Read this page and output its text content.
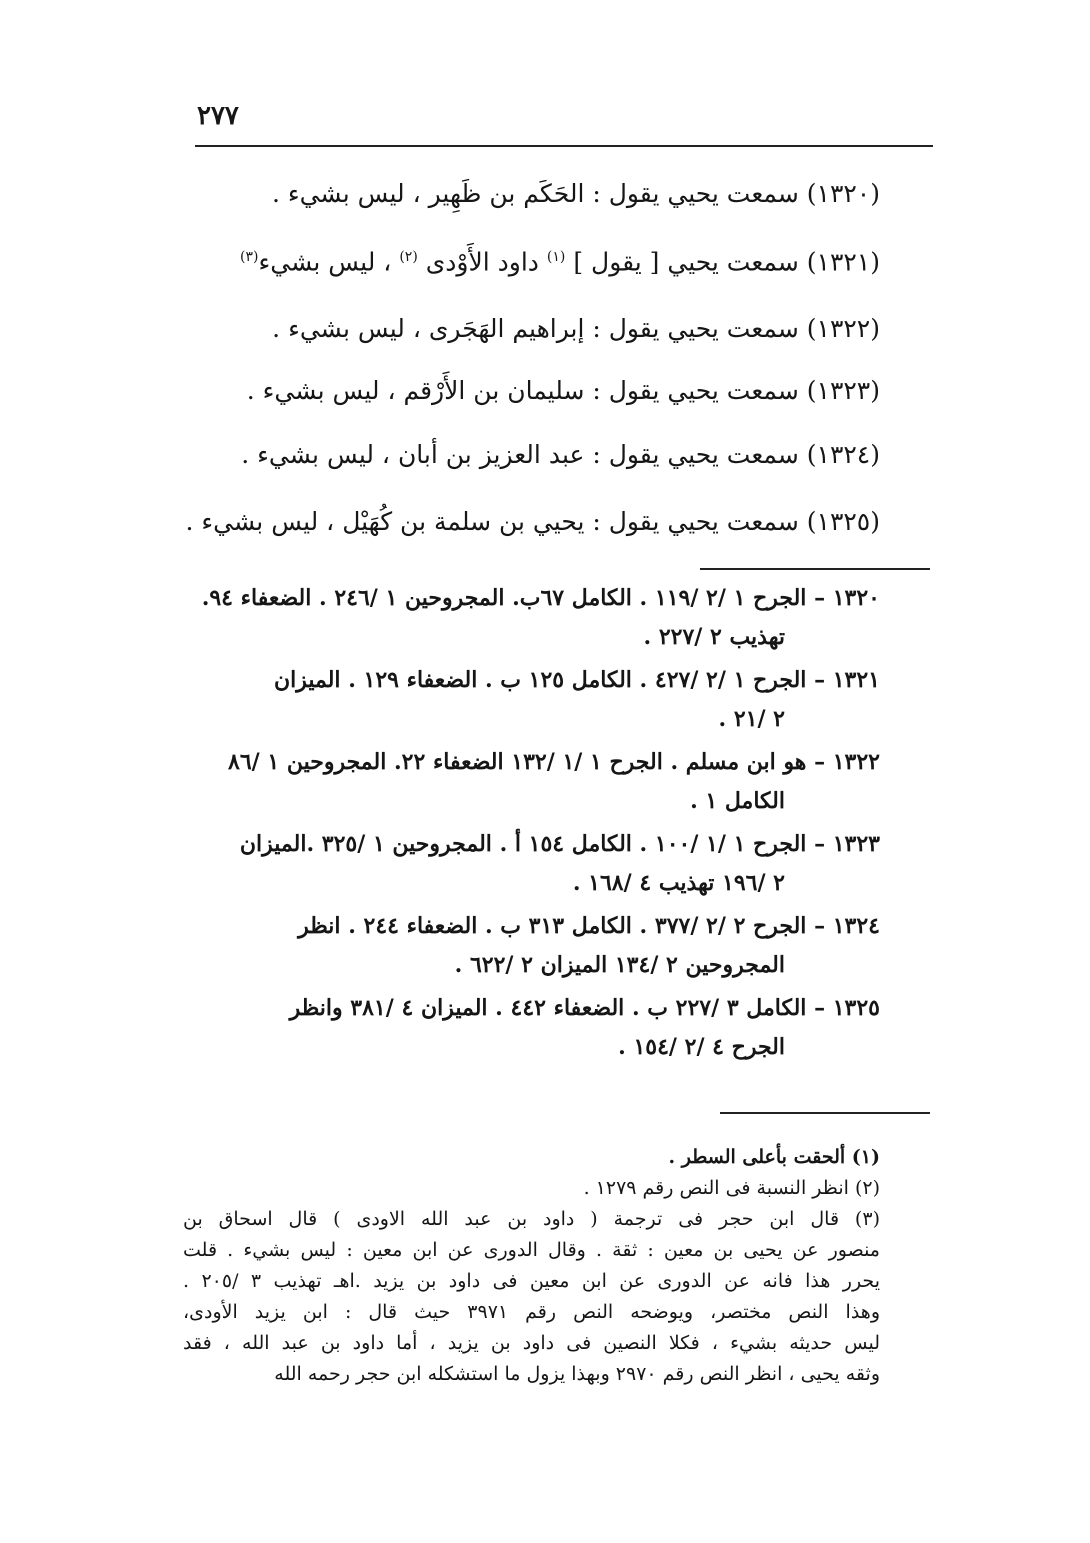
٢٧٧
(١٣٢٠) سمعت يحيي يقول : الحَكَم بن ظَهِير ، ليس بشيء .
(١٣٢١) سمعت يحيي [ يقول ] $^{(١)}$ داود الأَوْدى $^{(٢)}$ ، ليس بشيء$^{(٣)}$
(١٣٢٢) سمعت يحيي يقول : إبراهيم الهَجَرى ، ليس بشيء .
(١٣٢٣) سمعت يحيي يقول : سليمان بن الأَرْقم ، ليس بشيء .
(١٣٢٤) سمعت يحيي يقول : عبد العزيز بن أبان ، ليس بشيء .
(١٣٢٥) سمعت يحيي يقول : يحيي بن سلمة بن كُهَيْل ، ليس بشيء .
١٣٢٠ – الجرح ١ /٢ /١١٩ . الكامل ٦٧ب. المجروحين ١ /٢٤٦ . الضعفاء ٩٤.
تهذيب ٢ /٢٢٧ .
١٣٢١ – الجرح ١ /٢ /٤٢٧ . الكامل ١٢٥ ب . الضعفاء ١٢٩ . الميزان
٢ /٢١ .
١٣٢٢ – هو ابن مسلم . الجرح ١ /١ /١٣٢ الضعفاء ٢٢. المجروحين ١ /٨٦
الكامل ١ .
١٣٢٣ – الجرح ١ /١ /١٠٠ . الكامل ١٥٤ أ . المجروحين ١ /٣٢٥ .الميزان
٢ /١٩٦ تهذيب ٤ /١٦٨ .
١٣٢٤ – الجرح ٢ /٢ /٣٧٧ . الكامل ٣١٣ ب . الضعفاء ٢٤٤ . انظر
المجروحين ٢ /١٣٤ الميزان ٢ /٦٢٢ .
١٣٢٥ – الكامل ٣ /٢٢٧ ب . الضعفاء ٤٤٢ . الميزان ٤ /٣٨١ وانظر
الجرح ٤ /٢ /١٥٤ .
(١) ألحقت بأعلى السطر .
(٢) انظر النسبة فى النص رقم ١٢٧٩ .
(٣) قال ابن حجر فى ترجمة ( داود بن عبد الله الاودى ) قال اسحاق بن
منصور عن يحيى بن معين : ثقة . وقال الدورى عن ابن معين : ليس بشيء . قلت
يحرر هذا فانه عن الدورى عن ابن معين فى داود بن يزيد .اهـ تهذيب ٣ /٢٠٥ .
وهذا النص مختصر، ويوضحه النص رقم ٣٩٧١ حيث قال : ابن يزيد الأودى،
ليس حديثه بشيء ، فكلا النصين فى داود بن يزيد ، أما داود بن عبد الله ، فقد
وثقه يحيى ، انظر النص رقم ٢٩٧٠ وبهذا يزول ما استشكله ابن حجر رحمه الله
